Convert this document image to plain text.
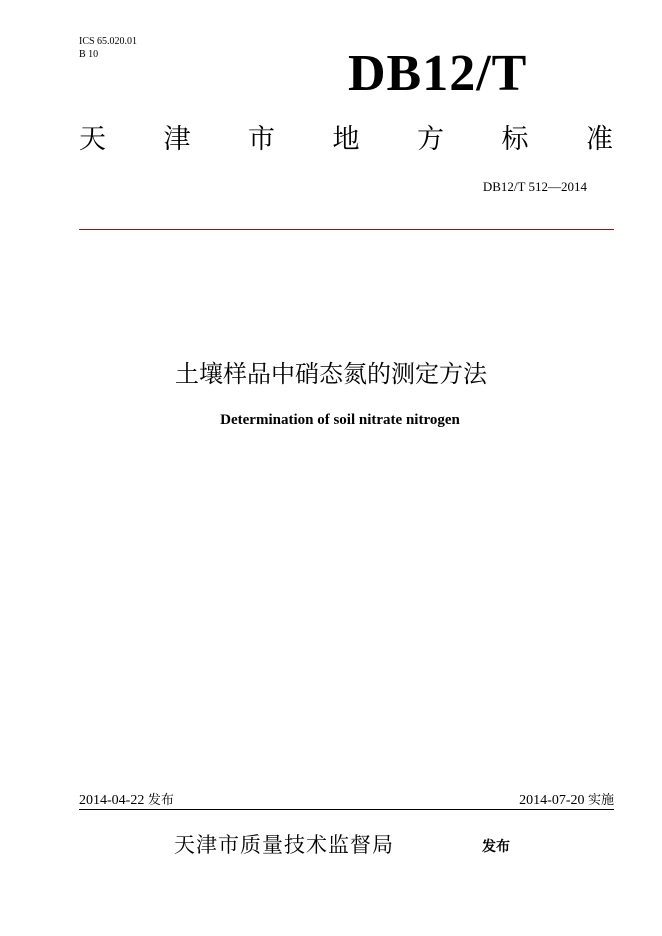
ICS 65.020.01
B 10	DB12/T
天 津 市 地 方 标 准
DB12/T 512—2014
土壤样品中硝态氮的测定方法
Determination of soil nitrate nitrogen
2014-04-22 发布	2014-07-20 实施
天津市质量技术监督局	发布
